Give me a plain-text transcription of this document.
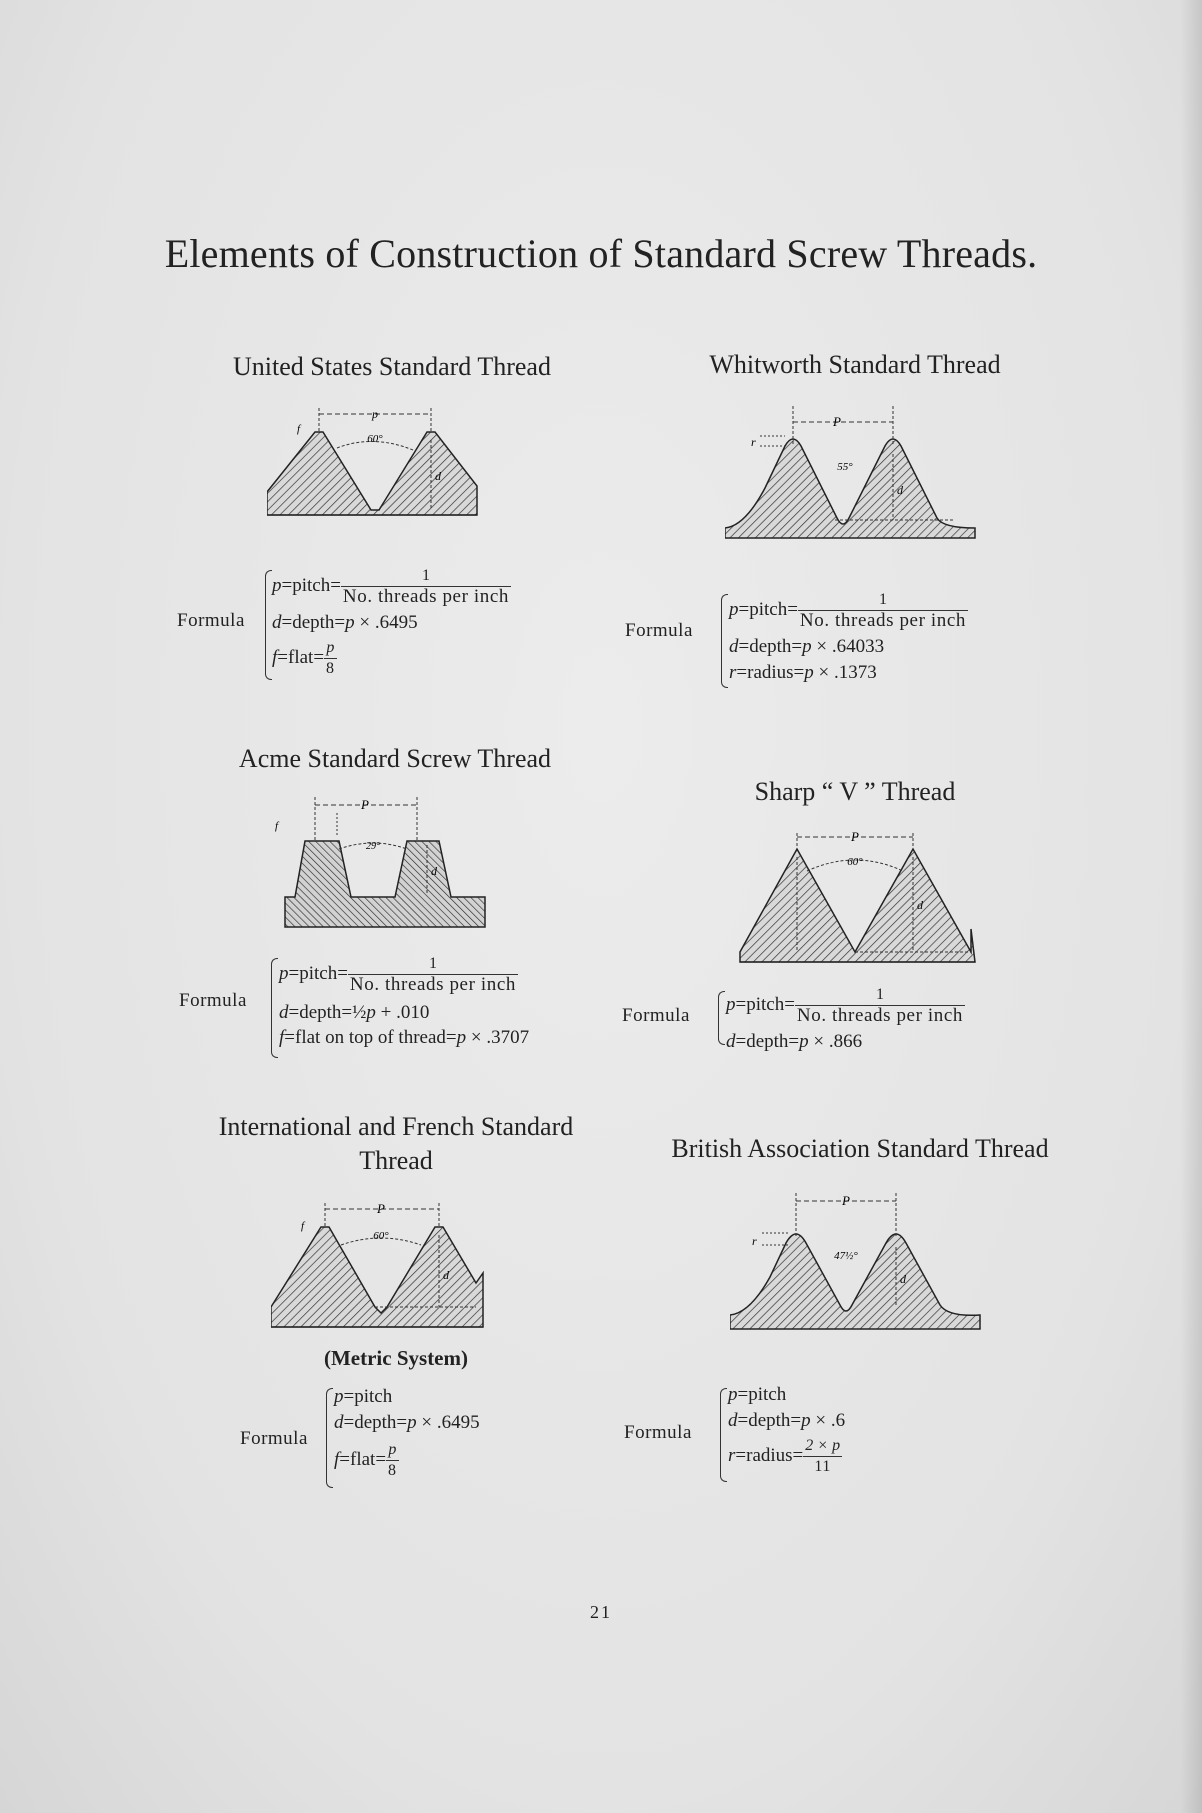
Elements of Construction of Standard Screw Threads.
United States Standard Thread
p
60°
f
d
Formula
p=pitch= $\frac{1}{\text{No. threads per inch}}$
d=depth=p × .6495
f=flat= $\frac{p}{8}$
Whitworth Standard Thread
P
55°
r
d
Formula
p=pitch= $\frac{1}{\text{No. threads per inch}}$
d=depth=p × .64033
r=radius=p × .1373
Acme Standard Screw Thread
P
29°
f
d
Formula
p=pitch= $\frac{1}{\text{No. threads per inch}}$
d=depth=½p + .010
f=flat on top of thread=p × .3707
Sharp “ V ” Thread
P
60°
d
Formula
p=pitch= $\frac{1}{\text{No. threads per inch}}$
d=depth=p × .866
International and French Standard Thread
P
60°
f
d
(Metric System)
Formula
p=pitch
d=depth=p × .6495
f=flat= $\frac{p}{8}$
British Association Standard Thread
P
47½°
r
d
Formula
p=pitch
d=depth=p × .6
r=radius= $\frac{2 \times p}{11}$
21
